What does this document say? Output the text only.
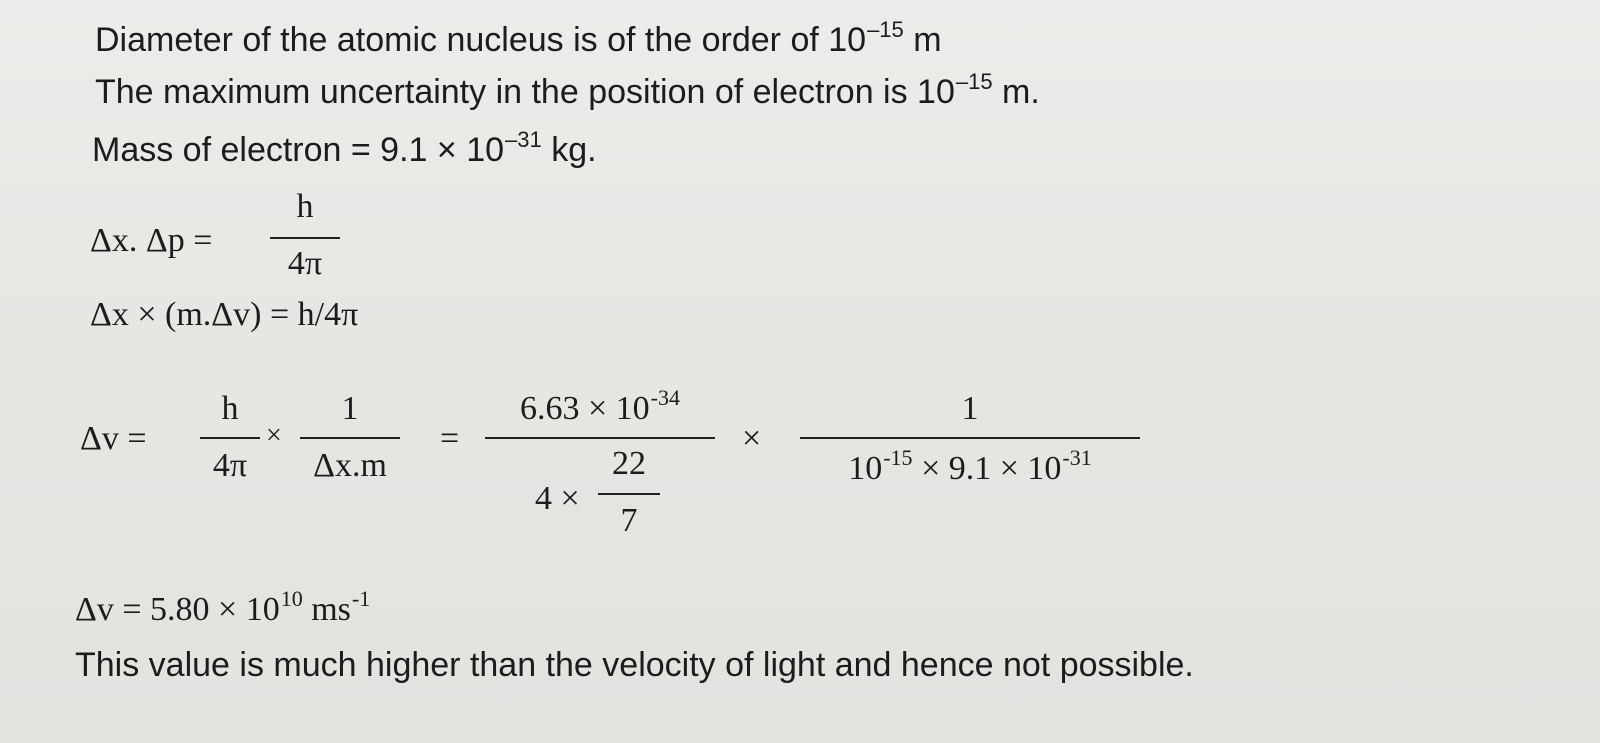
Diameter of the atomic nucleus is of the order of $10^{-15}$ m
The maximum uncertainty in the position of electron is $10^{-15}$ m.
Mass of electron = $9.1 \times 10^{-31}$ kg.
Δx. Δp =
h
4π
Δx × (m.Δv) = h/4π
Δv =
h
4π
×
1
Δx.m
=
$6.63 \times 10^{-34}$
4 ×
22
7
×
1
$10^{-15} \times 9.1 \times 10^{-31}$
$\Delta v = 5.80 \times 10^{10}$ $ms^{-1}$
This value is much higher than the velocity of light and hence not possible.
